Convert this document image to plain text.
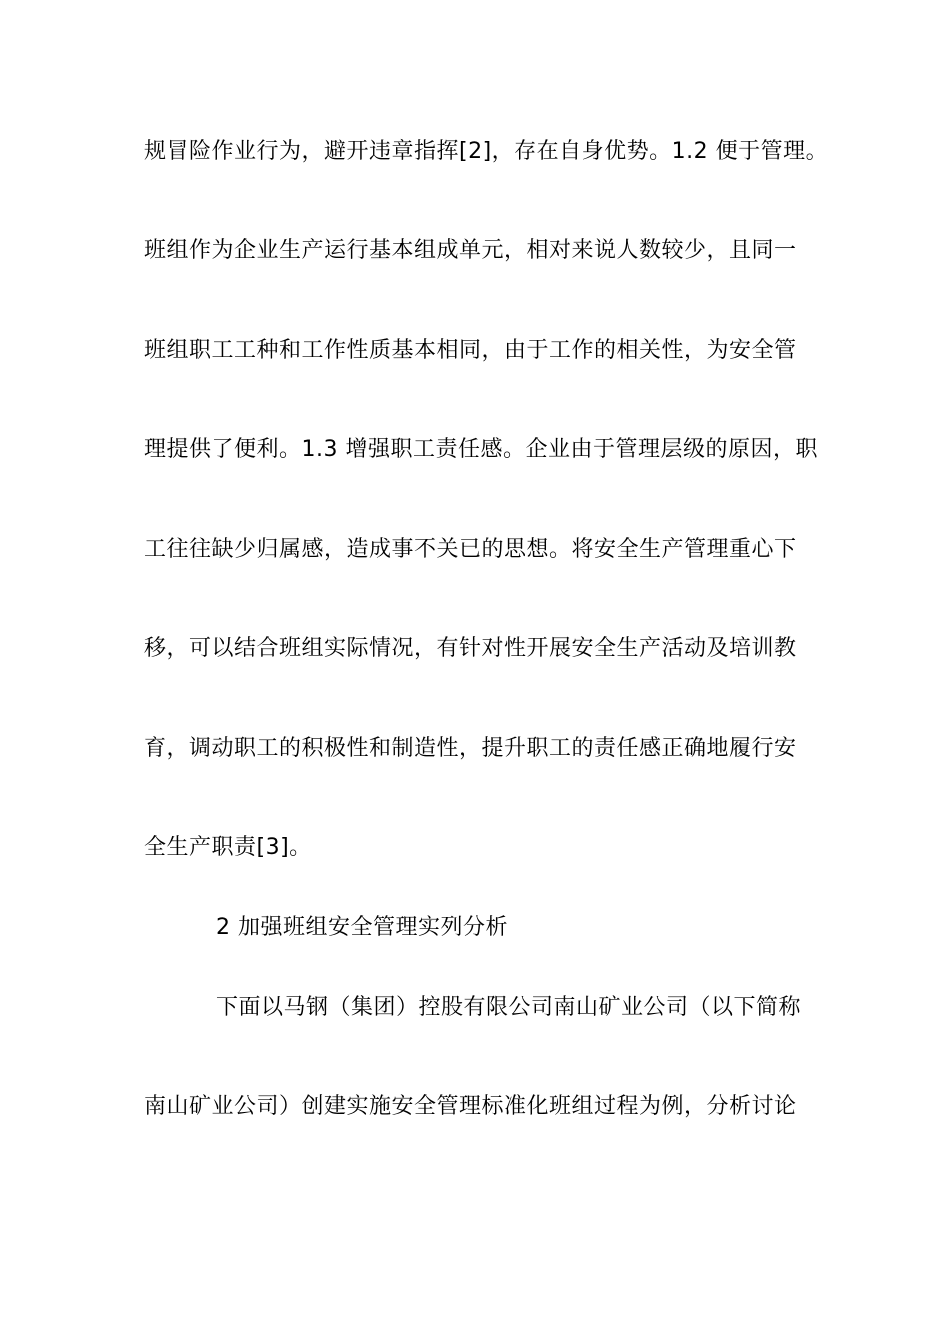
规冒险作业行为，避开违章指挥[2]，存在自身优势。1.2 便于管理。
班组作为企业生产运行基本组成单元，相对来说人数较少，且同一
班组职工工种和工作性质基本相同，由于工作的相关性，为安全管
理提供了便利。1.3 增强职工责任感。企业由于管理层级的原因，职
工往往缺少归属感，造成事不关已的思想。将安全生产管理重心下
移，可以结合班组实际情况，有针对性开展安全生产活动及培训教
育，调动职工的积极性和制造性，提升职工的责任感正确地履行安
全生产职责[3]。
2 加强班组安全管理实列分析
下面以马钢（集团）控股有限公司南山矿业公司（以下简称
南山矿业公司）创建实施安全管理标准化班组过程为例，分析讨论
